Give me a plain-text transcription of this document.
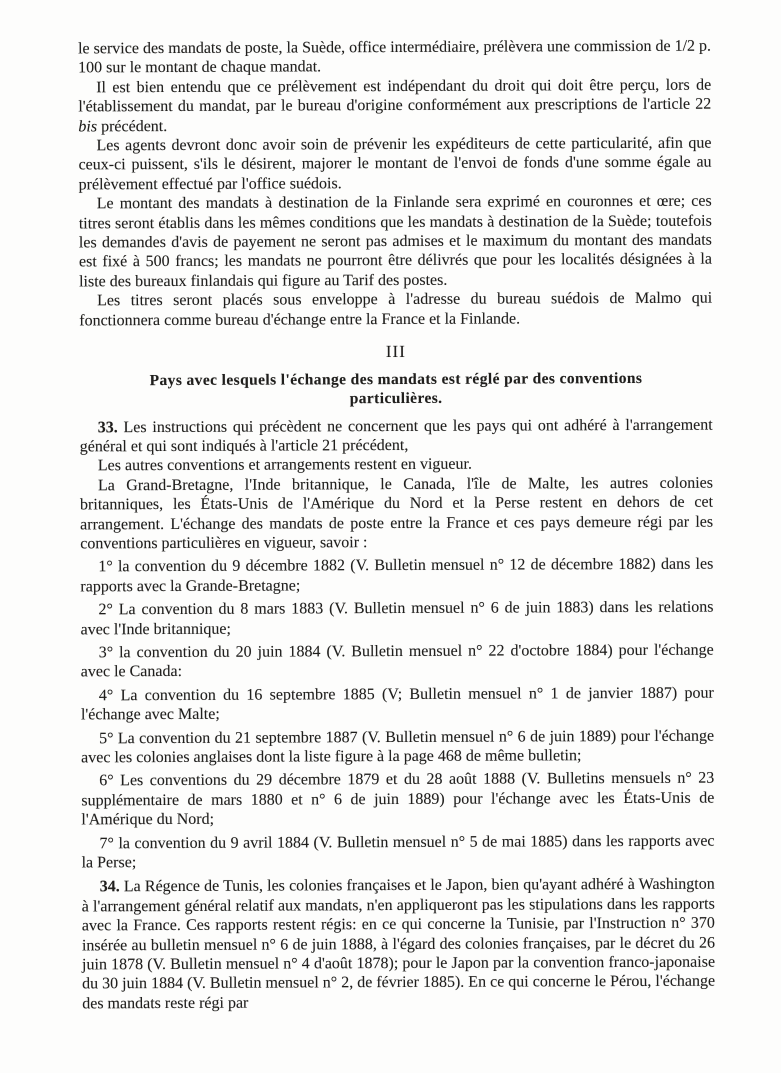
le service des mandats de poste, la Suède, office intermédiaire, prélèvera une commission de 1/2 p. 100 sur le montant de chaque mandat.

Il est bien entendu que ce prélèvement est indépendant du droit qui doit être perçu, lors de l'établissement du mandat, par le bureau d'origine conformément aux prescriptions de l'article 22 bis précédent.

Les agents devront donc avoir soin de prévenir les expéditeurs de cette particularité, afin que ceux-ci puissent, s'ils le désirent, majorer le montant de l'envoi de fonds d'une somme égale au prélèvement effectué par l'office suédois.

Le montant des mandats à destination de la Finlande sera exprimé en couronnes et œre; ces titres seront établis dans les mêmes conditions que les mandats à destination de la Suède; toutefois les demandes d'avis de payement ne seront pas admises et le maximum du montant des mandats est fixé à 500 francs; les mandats ne pourront être délivrés que pour les localités désignées à la liste des bureaux finlandais qui figure au Tarif des postes.

Les titres seront placés sous enveloppe à l'adresse du bureau suédois de Malmo qui fonctionnera comme bureau d'échange entre la France et la Finlande.

III
Pays avec lesquels l'échange des mandats est réglé par des conventions particulières.

33. Les instructions qui précèdent ne concernent que les pays qui ont adhéré à l'arrangement général et qui sont indiqués à l'article 21 précédent,

Les autres conventions et arrangements restent en vigueur.

La Grand-Bretagne, l'Inde britannique, le Canada, l'île de Malte, les autres colonies britanniques, les États-Unis de l'Amérique du Nord et la Perse restent en dehors de cet arrangement. L'échange des mandats de poste entre la France et ces pays demeure régi par les conventions particulières en vigueur, savoir :

1° la convention du 9 décembre 1882 (V. Bulletin mensuel n° 12 de décembre 1882) dans les rapports avec la Grande-Bretagne;

2° La convention du 8 mars 1883 (V. Bulletin mensuel n° 6 de juin 1883) dans les relations avec l'Inde britannique;

3° la convention du 20 juin 1884 (V. Bulletin mensuel n° 22 d'octobre 1884) pour l'échange avec le Canada:

4° La convention du 16 septembre 1885 (V; Bulletin mensuel n° 1 de janvier 1887) pour l'échange avec Malte;

5° La convention du 21 septembre 1887 (V. Bulletin mensuel n° 6 de juin 1889) pour l'échange avec les colonies anglaises dont la liste figure à la page 468 de même bulletin;

6° Les conventions du 29 décembre 1879 et du 28 août 1888 (V. Bulletins mensuels n° 23 supplémentaire de mars 1880 et n° 6 de juin 1889) pour l'échange avec les États-Unis de l'Amérique du Nord;

7° la convention du 9 avril 1884 (V. Bulletin mensuel n° 5 de mai 1885) dans les rapports avec la Perse;

34. La Régence de Tunis, les colonies françaises et le Japon, bien qu'ayant adhéré à Washington à l'arrangement général relatif aux mandats, n'en appliqueront pas les stipulations dans les rapports avec la France. Ces rapports restent régis: en ce qui concerne la Tunisie, par l'Instruction n° 370 insérée au bulletin mensuel n° 6 de juin 1888, à l'égard des colonies françaises, par le décret du 26 juin 1878 (V. Bulletin mensuel n° 4 d'août 1878); pour le Japon par la convention franco-japonaise du 30 juin 1884 (V. Bulletin mensuel n° 2, de février 1885). En ce qui concerne le Pérou, l'échange des mandats reste régi par
